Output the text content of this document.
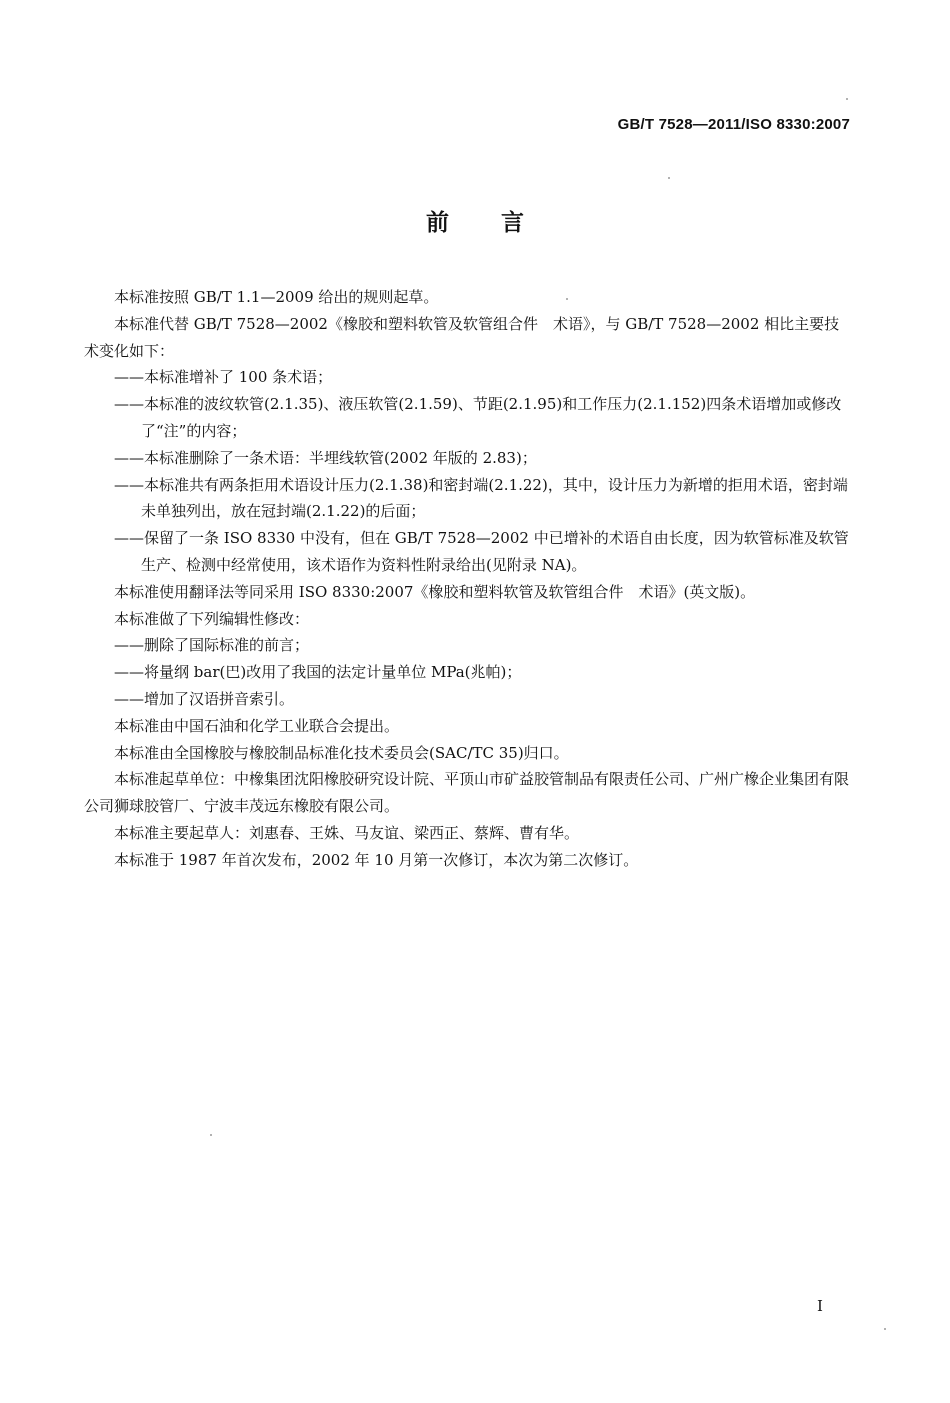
GB/T 7528—2011/ISO 8330:2007
前言

本标准按照 GB/T 1.1—2009 给出的规则起草。

本标准代替 GB/T 7528—2002《橡胶和塑料软管及软管组合件　术语》，与 GB/T 7528—2002 相比主要技术变化如下：

——本标准增补了 100 条术语；

——本标准的波纹软管(2.1.35)、液压软管(2.1.59)、节距(2.1.95)和工作压力(2.1.152)四条术语增加或修改了“注”的内容；

——本标准删除了一条术语：半埋线软管(2002 年版的 2.83)；

——本标准共有两条拒用术语设计压力(2.1.38)和密封端(2.1.22)，其中，设计压力为新增的拒用术语，密封端未单独列出，放在冠封端(2.1.22)的后面；

——保留了一条 ISO 8330 中没有，但在 GB/T 7528—2002 中已增补的术语自由长度，因为软管标准及软管生产、检测中经常使用，该术语作为资料性附录给出(见附录 NA)。

本标准使用翻译法等同采用 ISO 8330:2007《橡胶和塑料软管及软管组合件　术语》(英文版)。

本标准做了下列编辑性修改：

——删除了国际标准的前言；

——将量纲 bar(巴)改用了我国的法定计量单位 MPa(兆帕)；

——增加了汉语拼音索引。

本标准由中国石油和化学工业联合会提出。

本标准由全国橡胶与橡胶制品标准化技术委员会(SAC/TC 35)归口。

本标准起草单位：中橡集团沈阳橡胶研究设计院、平顶山市矿益胶管制品有限责任公司、广州广橡企业集团有限公司狮球胶管厂、宁波丰茂远东橡胶有限公司。

本标准主要起草人：刘惠春、王姝、马友谊、梁西正、蔡辉、曹有华。

本标准于 1987 年首次发布，2002 年 10 月第一次修订，本次为第二次修订。

I
